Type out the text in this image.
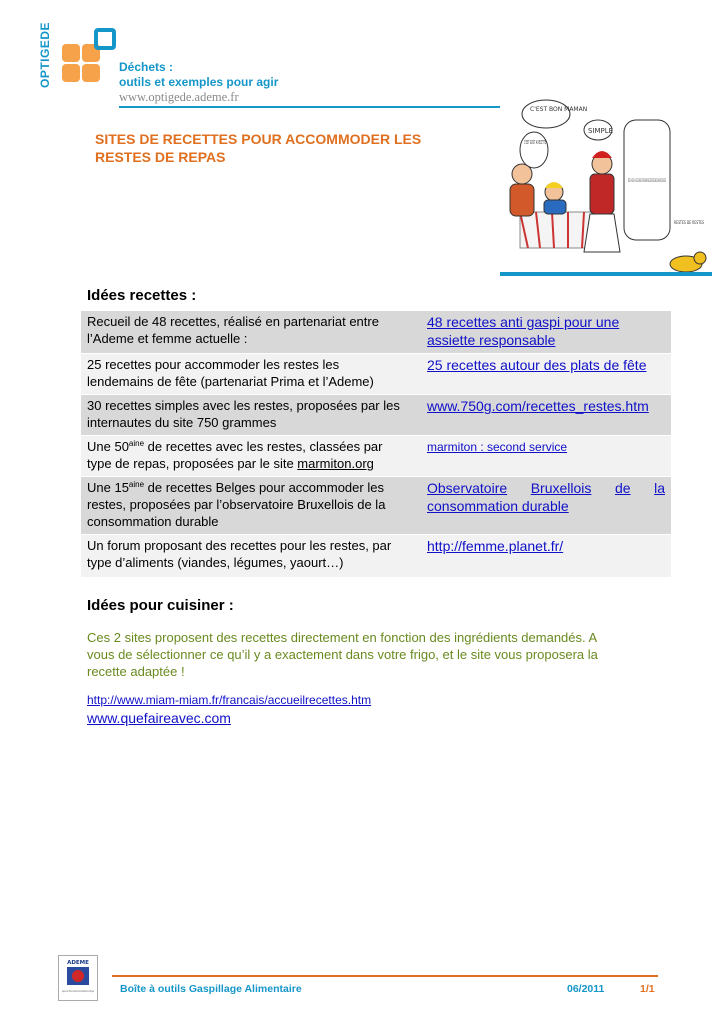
OPTIGEDE	Déchets :
outils et exemples pour agir
www.optigede.ademe.fr
SITES DE RECETTES POUR ACCOMMODER LES
RESTES DE REPAS
C'EST BON MAMAN
SIMPLE
RESTES DE RESTES
Idées recettes :
Recueil de 48 recettes, réalisé en partenariat entre l’Ademe et femme actuelle :	48 recettes anti gaspi pour une assiette responsable
25 recettes pour accommoder les restes les lendemains de fête (partenariat Prima et l’Ademe)	25 recettes autour des plats de fête
30 recettes simples avec les restes, proposées par les internautes du site 750 grammes	www.750g.com/recettes_restes.htm
Une $50^{aine}$ de recettes avec les restes, classées par type de repas, proposées par le site marmiton.org	marmiton : second service
Une $15^{aine}$ de recettes Belges pour accommoder les restes, proposées par l’observatoire Bruxellois de la consommation durable	Observatoire Bruxellois de la
consommation durable

Un forum proposant des recettes pour les restes, par type d’aliments (viandes, légumes, yaourt…)	http://femme.planet.fr/
Idées pour cuisiner :
Ces 2 sites proposent des recettes directement en fonction des ingrédients demandés. A vous de sélectionner ce qu’il y a exactement dans votre frigo, et le site vous proposera la recette adaptée !
http://www.miam-miam.fr/francais/accueilrecettes.htm
www.quefaireavec.com
ADEME
Agence de l'Environnement et de la Maîtrise de l'Énergie Boîte à outils Gaspillage Alimentaire	06/2011	1/1
